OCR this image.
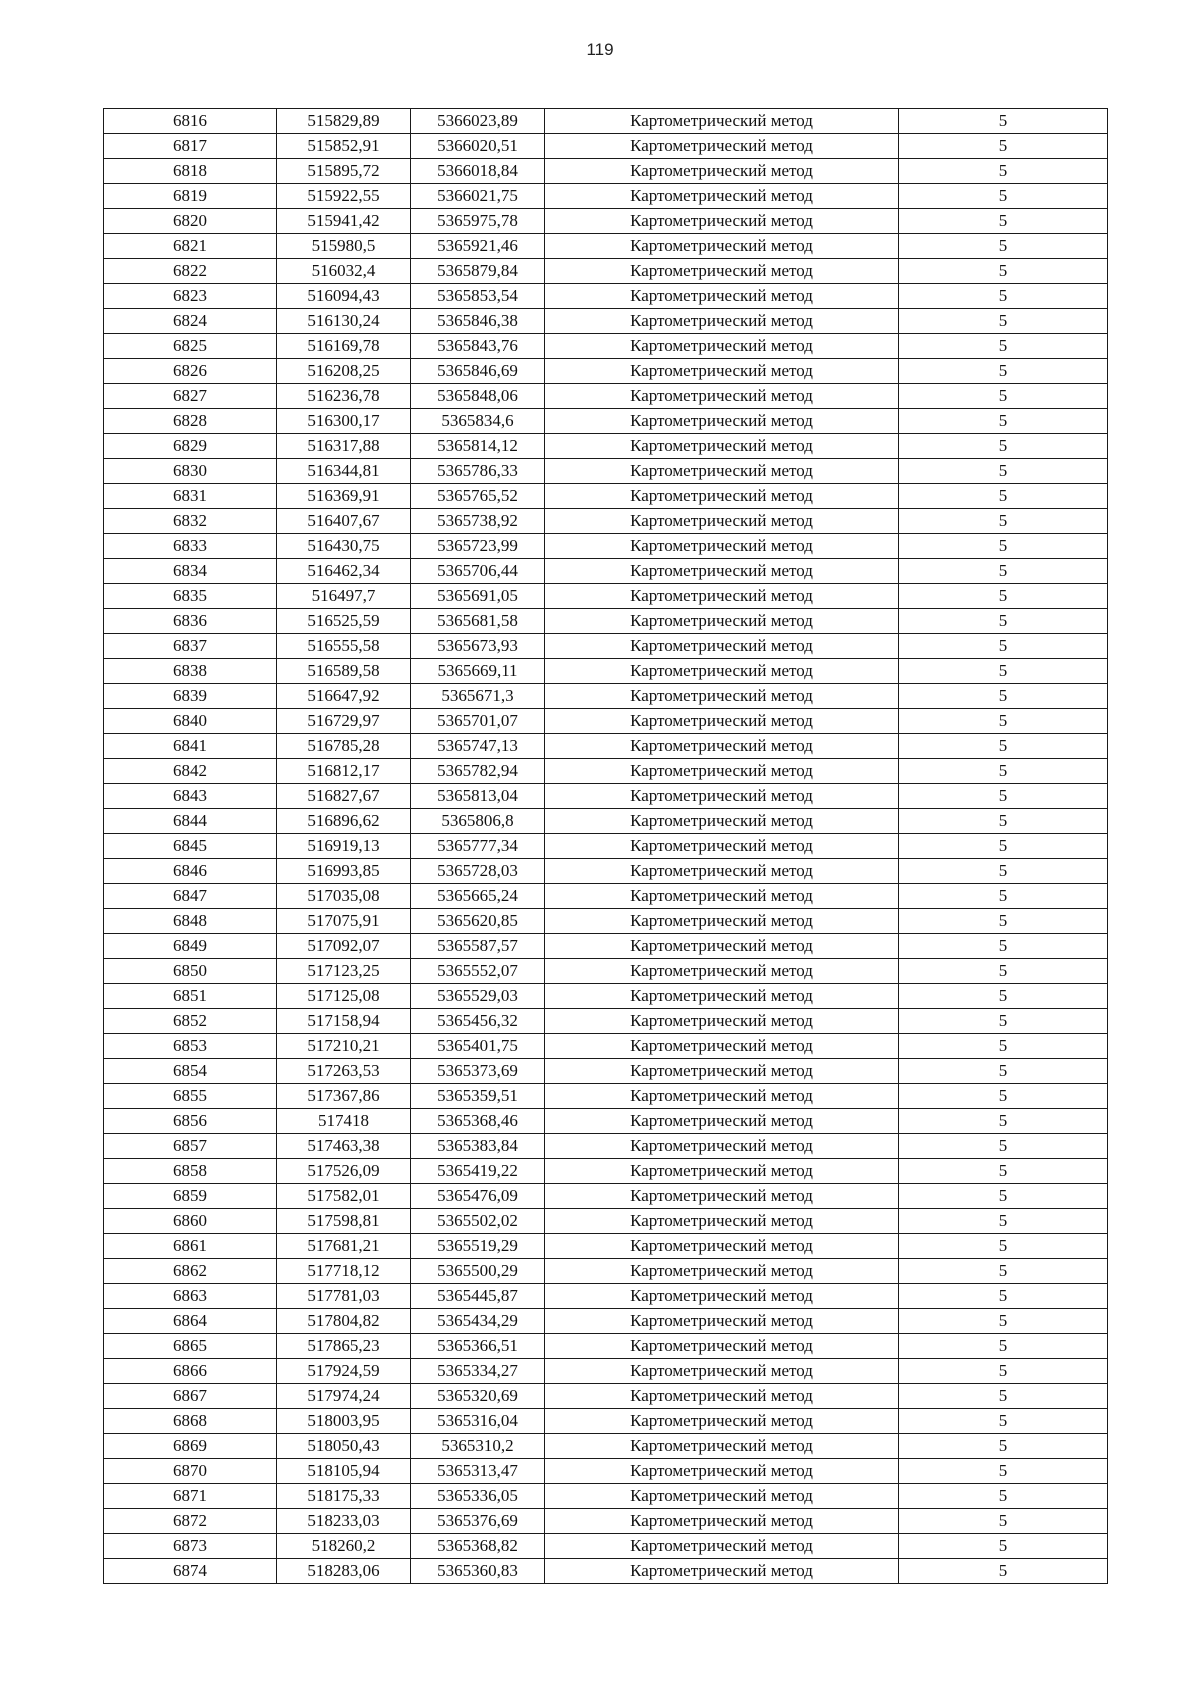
119
6816	515829,89	5366023,89	Картометрический метод	5
6817	515852,91	5366020,51	Картометрический метод	5
6818	515895,72	5366018,84	Картометрический метод	5
6819	515922,55	5366021,75	Картометрический метод	5
6820	515941,42	5365975,78	Картометрический метод	5
6821	515980,5	5365921,46	Картометрический метод	5
6822	516032,4	5365879,84	Картометрический метод	5
6823	516094,43	5365853,54	Картометрический метод	5
6824	516130,24	5365846,38	Картометрический метод	5
6825	516169,78	5365843,76	Картометрический метод	5
6826	516208,25	5365846,69	Картометрический метод	5
6827	516236,78	5365848,06	Картометрический метод	5
6828	516300,17	5365834,6	Картометрический метод	5
6829	516317,88	5365814,12	Картометрический метод	5
6830	516344,81	5365786,33	Картометрический метод	5
6831	516369,91	5365765,52	Картометрический метод	5
6832	516407,67	5365738,92	Картометрический метод	5
6833	516430,75	5365723,99	Картометрический метод	5
6834	516462,34	5365706,44	Картометрический метод	5
6835	516497,7	5365691,05	Картометрический метод	5
6836	516525,59	5365681,58	Картометрический метод	5
6837	516555,58	5365673,93	Картометрический метод	5
6838	516589,58	5365669,11	Картометрический метод	5
6839	516647,92	5365671,3	Картометрический метод	5
6840	516729,97	5365701,07	Картометрический метод	5
6841	516785,28	5365747,13	Картометрический метод	5
6842	516812,17	5365782,94	Картометрический метод	5
6843	516827,67	5365813,04	Картометрический метод	5
6844	516896,62	5365806,8	Картометрический метод	5
6845	516919,13	5365777,34	Картометрический метод	5
6846	516993,85	5365728,03	Картометрический метод	5
6847	517035,08	5365665,24	Картометрический метод	5
6848	517075,91	5365620,85	Картометрический метод	5
6849	517092,07	5365587,57	Картометрический метод	5
6850	517123,25	5365552,07	Картометрический метод	5
6851	517125,08	5365529,03	Картометрический метод	5
6852	517158,94	5365456,32	Картометрический метод	5
6853	517210,21	5365401,75	Картометрический метод	5
6854	517263,53	5365373,69	Картометрический метод	5
6855	517367,86	5365359,51	Картометрический метод	5
6856	517418	5365368,46	Картометрический метод	5
6857	517463,38	5365383,84	Картометрический метод	5
6858	517526,09	5365419,22	Картометрический метод	5
6859	517582,01	5365476,09	Картометрический метод	5
6860	517598,81	5365502,02	Картометрический метод	5
6861	517681,21	5365519,29	Картометрический метод	5
6862	517718,12	5365500,29	Картометрический метод	5
6863	517781,03	5365445,87	Картометрический метод	5
6864	517804,82	5365434,29	Картометрический метод	5
6865	517865,23	5365366,51	Картометрический метод	5
6866	517924,59	5365334,27	Картометрический метод	5
6867	517974,24	5365320,69	Картометрический метод	5
6868	518003,95	5365316,04	Картометрический метод	5
6869	518050,43	5365310,2	Картометрический метод	5
6870	518105,94	5365313,47	Картометрический метод	5
6871	518175,33	5365336,05	Картометрический метод	5
6872	518233,03	5365376,69	Картометрический метод	5
6873	518260,2	5365368,82	Картометрический метод	5
6874	518283,06	5365360,83	Картометрический метод	5
